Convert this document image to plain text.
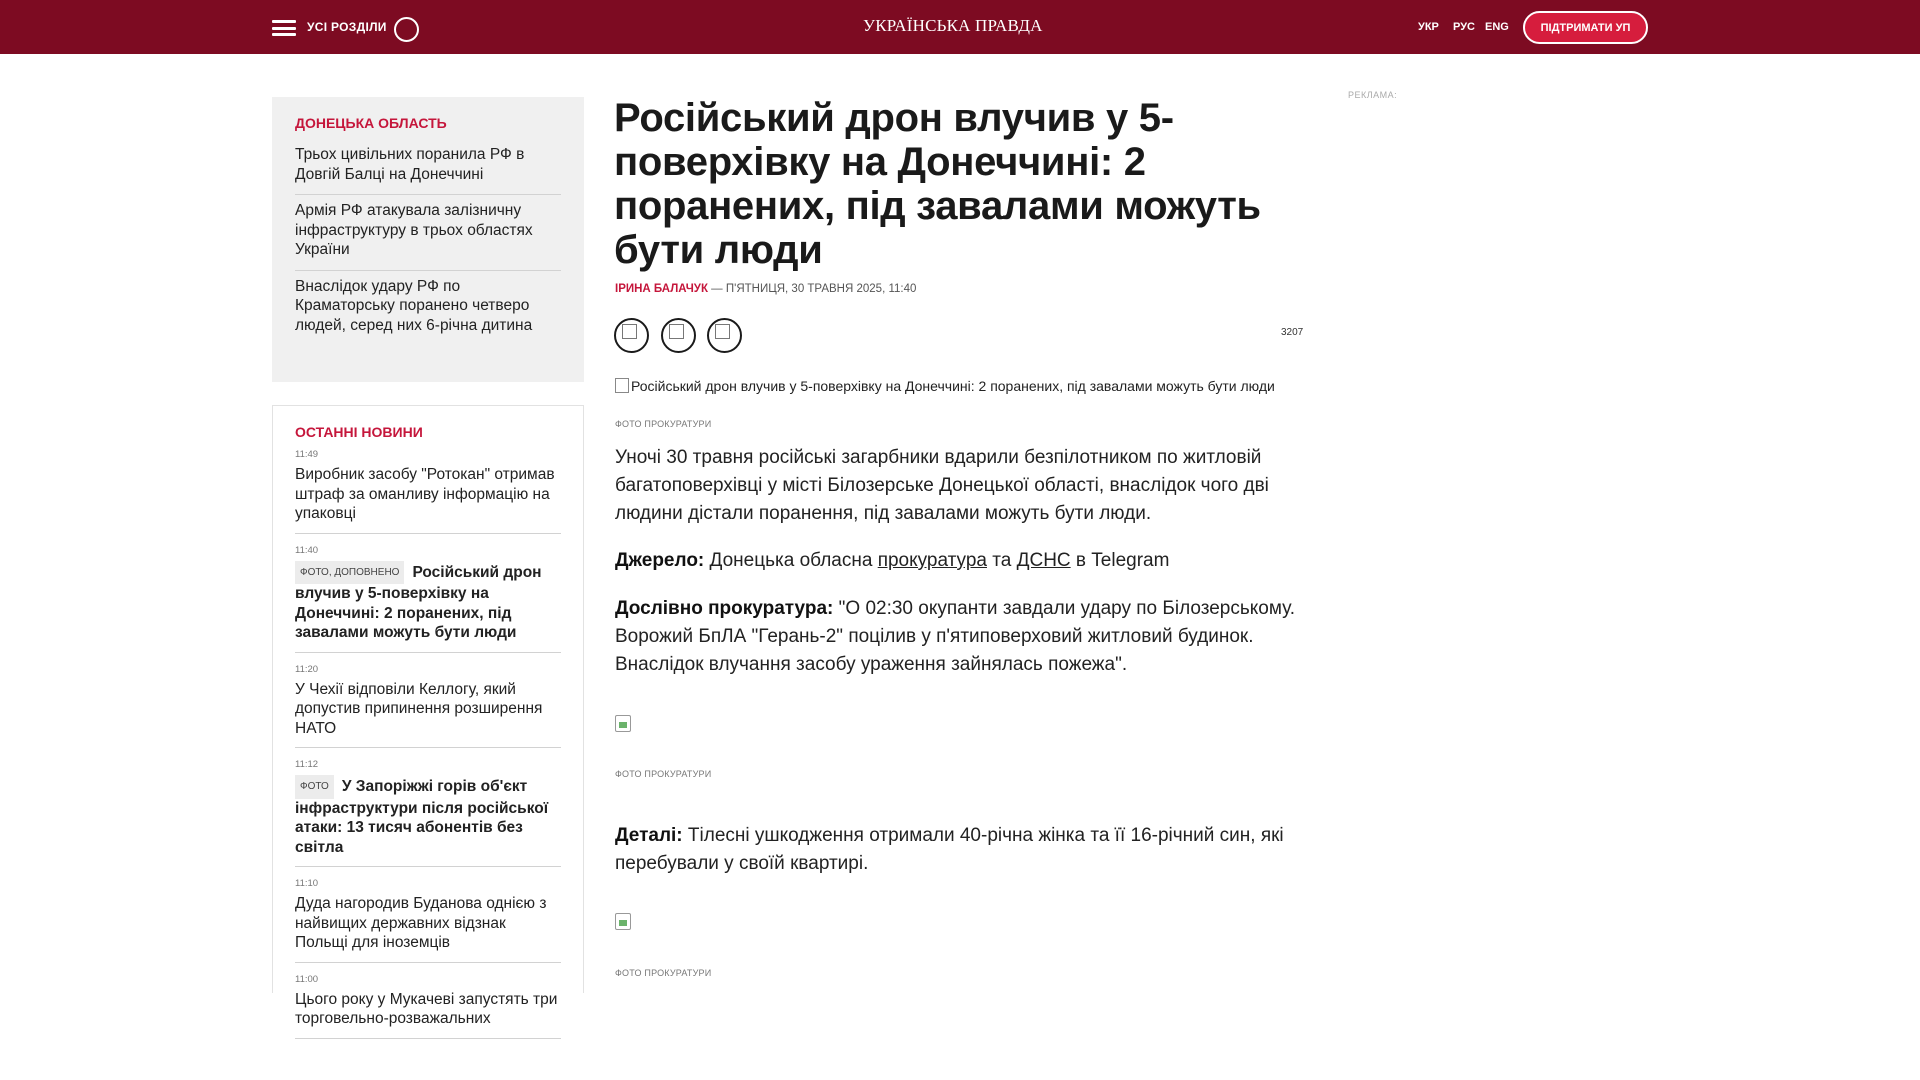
УСІ РОЗДІЛИ	УКРАЇНСЬКА ПРАВДА	УКР РУС ENG	ПІДТРИМАТИ УП
ДОНЕЦЬКА ОБЛАСТЬ
Трьох цивільних поранила РФ в Довгій Балці на Донеччині
Армія РФ атакувала залізничну інфраструктуру в трьох областях України
Внаслідок удару РФ по Краматорську поранено четверо людей, серед них 6-річна дитина
ОСТАННІ НОВИНИ
11:49
Виробник засобу "Ротокан" отримав штраф за оманливу інформацію на упаковці
11:40
ФОТО, ДОПОВНЕНО Російський дрон влучив у 5-поверхівку на Донеччині: 2 поранених, під завалами можуть бути люди
11:20
У Чехії відповіли Келлогу, який допустив припинення розширення НАТО
11:12
ФОТО У Запоріжжі горів об'єкт інфраструктури після російської атаки: 13 тисяч абонентів без світла
11:10
Дуда нагородив Буданова однією з найвищих державних відзнак Польщі для іноземців
11:00
Цього року у Мукачеві запустять три торговельно-розважальних
Російський дрон влучив у 5-поверхівку на Донеччині: 2 поранених, під завалами можуть бути люди
ІРИНА БАЛАЧУК — П'ЯТНИЦЯ, 30 ТРАВНЯ 2025, 11:40
3207
Російський дрон влучив у 5-поверхівку на Донеччині: 2 поранених, під завалами можуть бути люди
ФОТО ПРОКУРАТУРИ

Уночі 30 травня російські загарбники вдарили безпілотником по житловій багатоповерхівці у місті Білозерське Донецької області, внаслідок чого дві людини дістали поранення, під завалами можуть бути люди.

Джерело: Донецька обласна прокуратура та ДСНС в Telegram

Дослівно прокуратура: "О 02:30 окупанти завдали удару по Білозерському. Ворожий БпЛА "Герань-2" поцілив у п'ятиповерховий житловий будинок. Внаслідок влучання засобу ураження зайнялась пожежа".

ФОТО ПРОКУРАТУРИ

Деталі: Тілесні ушкодження отримали 40-річна жінка та її 16-річний син, які перебували у своїй квартирі.

ФОТО ПРОКУРАТУРИ
РЕКЛАМА:
